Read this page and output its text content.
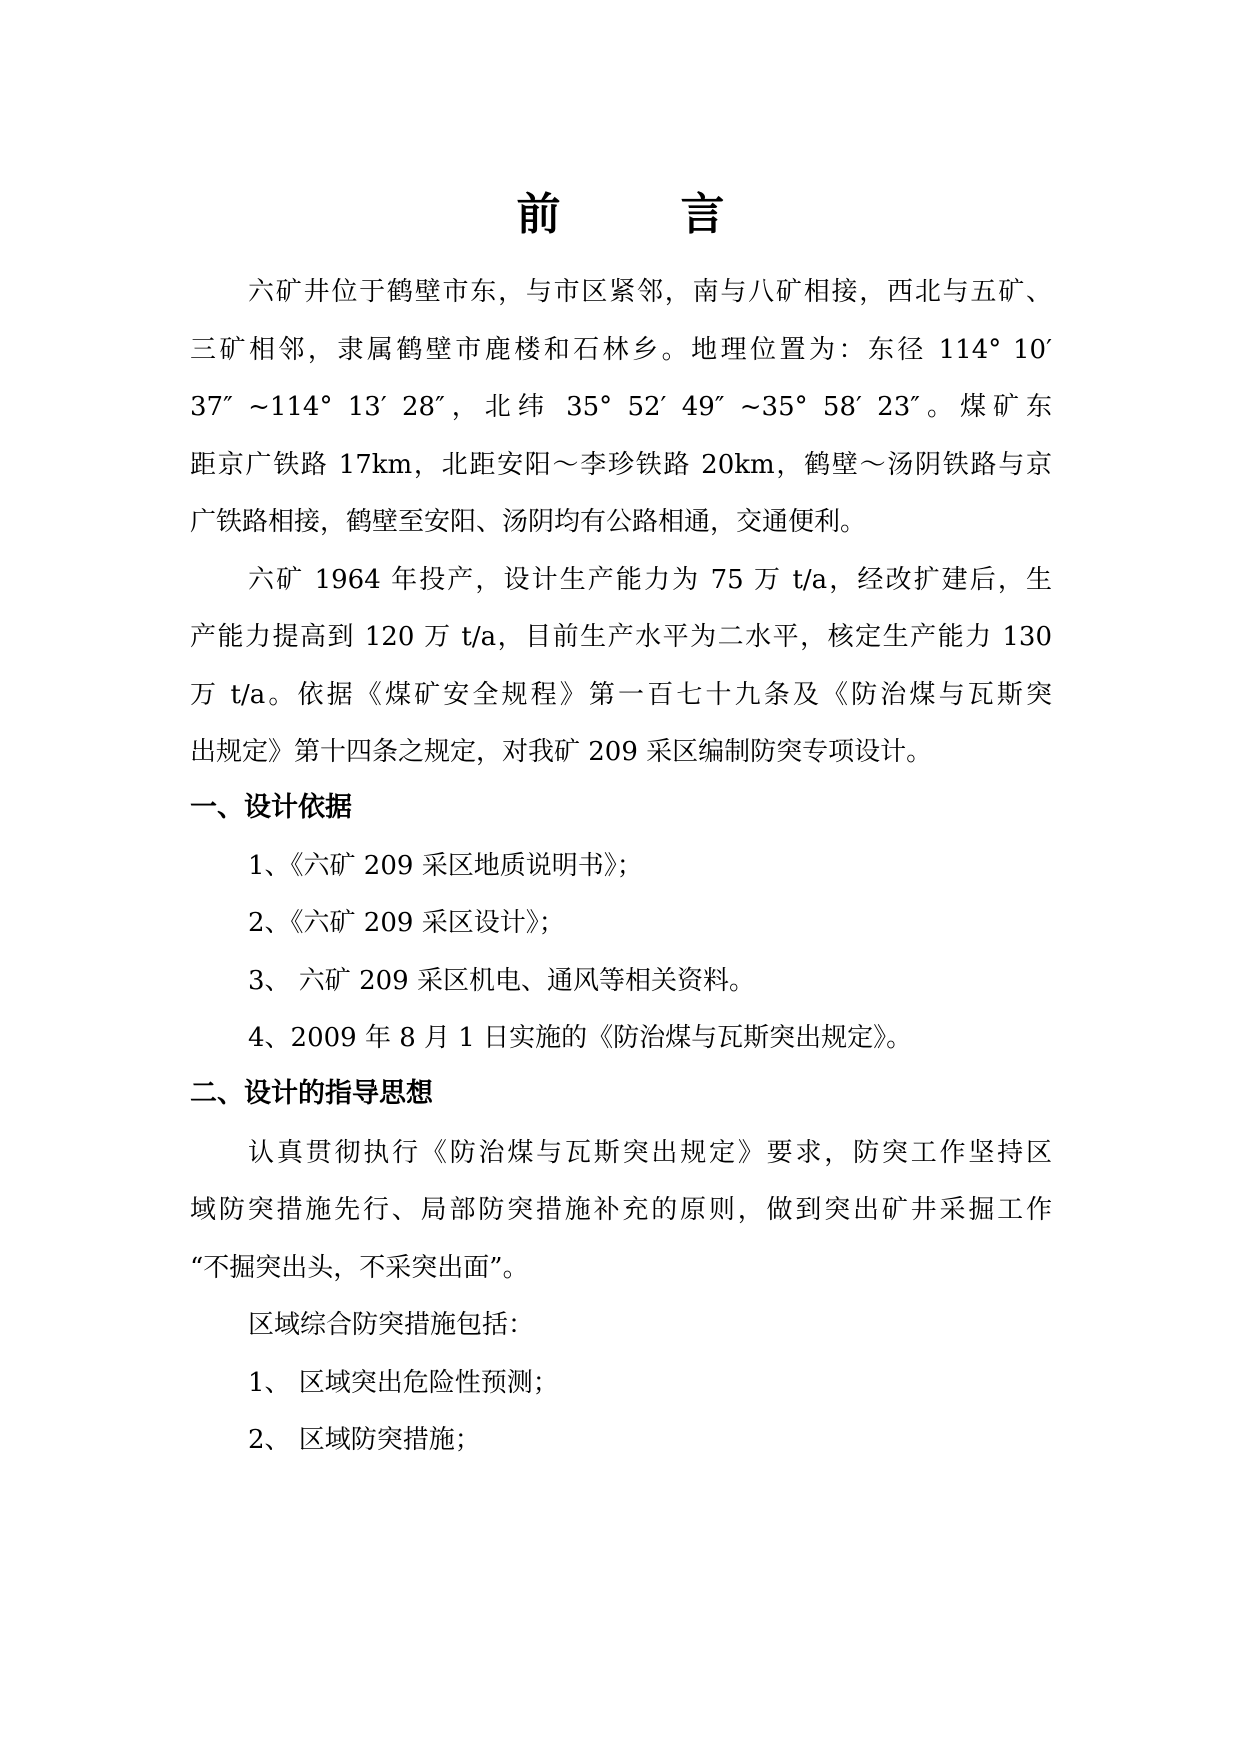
前 言
六矿井位于鹤壁市东，与市区紧邻，南与八矿相接，西北与五矿、
三矿相邻，隶属鹤壁市鹿楼和石林乡。地理位置为：东径 114° 10′
37″ ~114° 13′ 28″，北纬 35° 52′ 49″ ~35° 58′ 23″。煤矿东
距京广铁路 17km，北距安阳～李珍铁路 20km，鹤壁～汤阴铁路与京
广铁路相接，鹤壁至安阳、汤阴均有公路相通，交通便利。
六矿 1964 年投产，设计生产能力为 75 万 t/a，经改扩建后，生
产能力提高到 120 万 t/a，目前生产水平为二水平，核定生产能力 130
万 t/a。依据《煤矿安全规程》第一百七十九条及《防治煤与瓦斯突
出规定》第十四条之规定，对我矿 209 采区编制防突专项设计。
一、设计依据
1、《六矿 209 采区地质说明书》；
2、《六矿 209 采区设计》；
3、 六矿 209 采区机电、通风等相关资料。
4、2009 年 8 月 1 日实施的《防治煤与瓦斯突出规定》。
二、设计的指导思想
认真贯彻执行《防治煤与瓦斯突出规定》要求，防突工作坚持区
域防突措施先行、局部防突措施补充的原则，做到突出矿井采掘工作
“不掘突出头，不采突出面”。
区域综合防突措施包括：
1、 区域突出危险性预测；
2、 区域防突措施；
